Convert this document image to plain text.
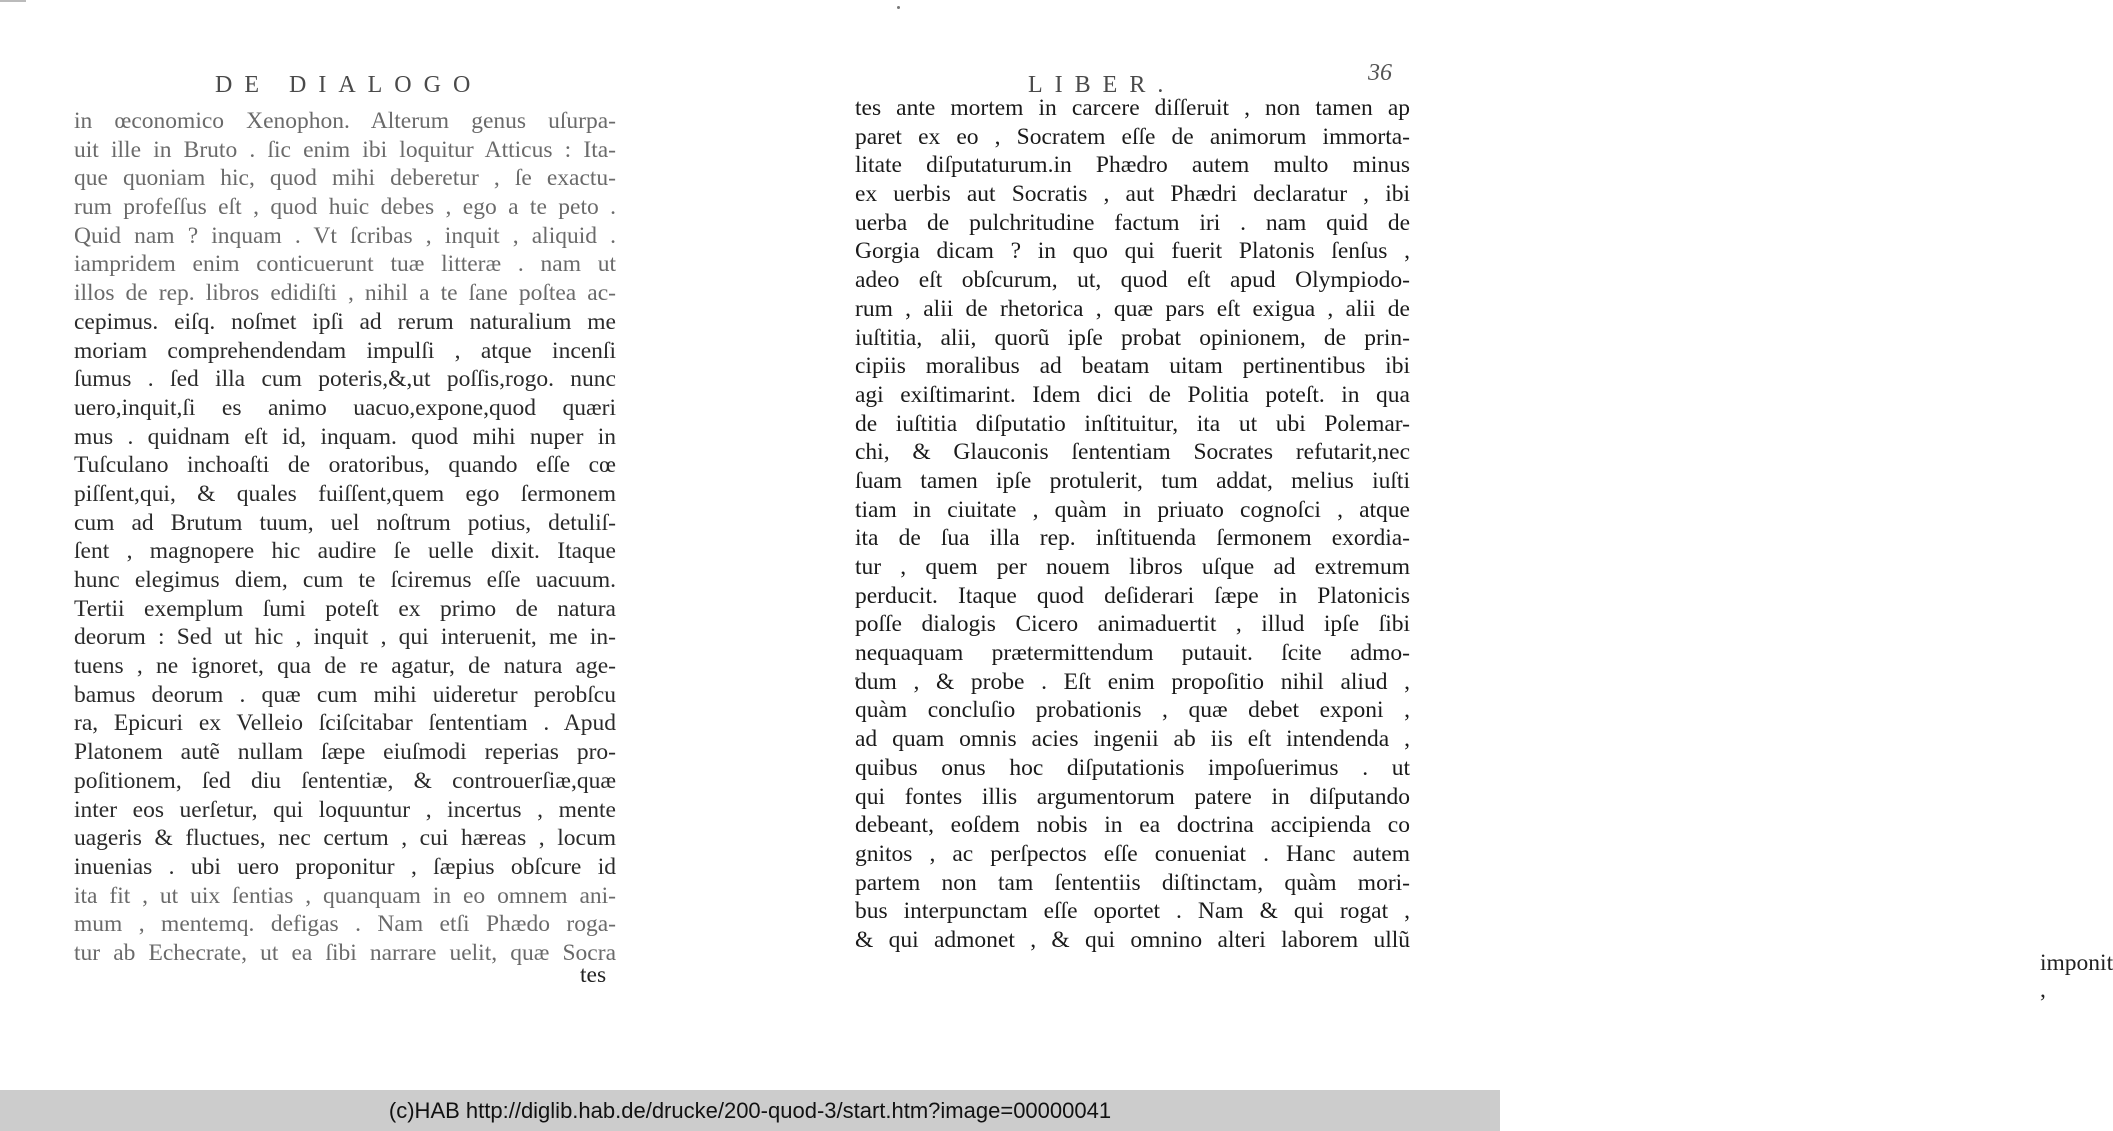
DE DIALOGO
in œconomico Xenophon. Alterum genus uſurpa-
uit ille in Bruto . ſic enim ibi loquitur Atticus : Ita-
que quoniam hic, quod mihi deberetur , ſe exactu-
rum profeſſus eſt , quod huic debes , ego a te peto .
Quid nam ? inquam . Vt ſcribas , inquit , aliquid .
iampridem enim conticuerunt tuæ litteræ . nam ut
illos de rep. libros edidiſti , nihil a te ſane poſtea ac-
cepimus. eiſq. noſmet ipſi ad rerum naturalium me
moriam comprehendendam impulſi , atque incenſi
ſumus . ſed illa cum poteris,&,ut poſſis,rogo. nunc
uero,inquit,ſi es animo uacuo,expone,quod quæri
mus . quidnam eſt id, inquam. quod mihi nuper in
Tuſculano inchoaſti de oratoribus, quando eſſe cœ
piſſent,qui, & quales fuiſſent,quem ego ſermonem
cum ad Brutum tuum, uel noſtrum potius, detuliſ-
ſent , magnopere hic audire ſe uelle dixit. Itaque
hunc elegimus diem, cum te ſciremus eſſe uacuum.
Tertii exemplum ſumi poteſt ex primo de natura
deorum : Sed ut hic , inquit , qui interuenit, me in-
tuens , ne ignoret, qua de re agatur, de natura age-
bamus deorum . quæ cum mihi uideretur perobſcu
ra, Epicuri ex Velleio ſciſcitabar ſententiam . Apud
Platonem autẽ nullam ſæpe eiuſmodi reperias pro-
poſitionem, ſed diu ſententiæ, & controuerſiæ,quæ
inter eos uerſetur, qui loquuntur , incertus , mente
uageris & fluctues, nec certum , cui hæreas , locum
inuenias . ubi uero proponitur , ſæpius obſcure id
ita fit , ut uix ſentias , quanquam in eo omnem ani-
mum , mentemq. defigas . Nam etſi Phædo roga-
tur ab Echecrate, ut ea ſibi narrare uelit, quæ Socra
tes
LIBER.	36
imponit ,
tes ante mortem in carcere diſſeruit , non tamen ap
paret ex eo , Socratem eſſe de animorum immorta-
litate diſputaturum.in Phædro autem multo minus
ex uerbis aut Socratis , aut Phædri declaratur , ibi
uerba de pulchritudine factum iri . nam quid de
Gorgia dicam ? in quo qui fuerit Platonis ſenſus ,
adeo eſt obſcurum, ut, quod eſt apud Olympiodo-
rum , alii de rhetorica , quæ pars eſt exigua , alii de
iuſtitia, alii, quorũ ipſe probat opinionem, de prin-
cipiis moralibus ad beatam uitam pertinentibus ibi
agi exiſtimarint. Idem dici de Politia poteſt. in qua
de iuſtitia diſputatio inſtituitur, ita ut ubi Polemar-
chi, & Glauconis ſententiam Socrates refutarit,nec
ſuam tamen ipſe protulerit, tum addat, melius iuſti
tiam in ciuitate , quàm in priuato cognoſci , atque
ita de ſua illa rep. inſtituenda ſermonem exordia-
tur , quem per nouem libros uſque ad extremum
perducit. Itaque quod deſiderari ſæpe in Platonicis
poſſe dialogis Cicero animaduertit , illud ipſe ſibi
nequaquam prætermittendum putauit. ſcite admo-
dum , & probe . Eſt enim propoſitio nihil aliud ,
quàm concluſio probationis , quæ debet exponi ,
ad quam omnis acies ingenii ab iis eſt intendenda ,
quibus onus hoc diſputationis impoſuerimus . ut
qui fontes illis argumentorum patere in diſputando
debeant, eoſdem nobis in ea doctrina accipienda co
gnitos , ac perſpectos eſſe conueniat . Hanc autem
partem non tam ſententiis diſtinctam, quàm mori-
bus interpunctam eſſe oportet . Nam & qui rogat ,
& qui admonet , & qui omnino alteri laborem ullũ
(c)HAB http://diglib.hab.de/drucke/200-quod-3/start.htm?image=00000041
